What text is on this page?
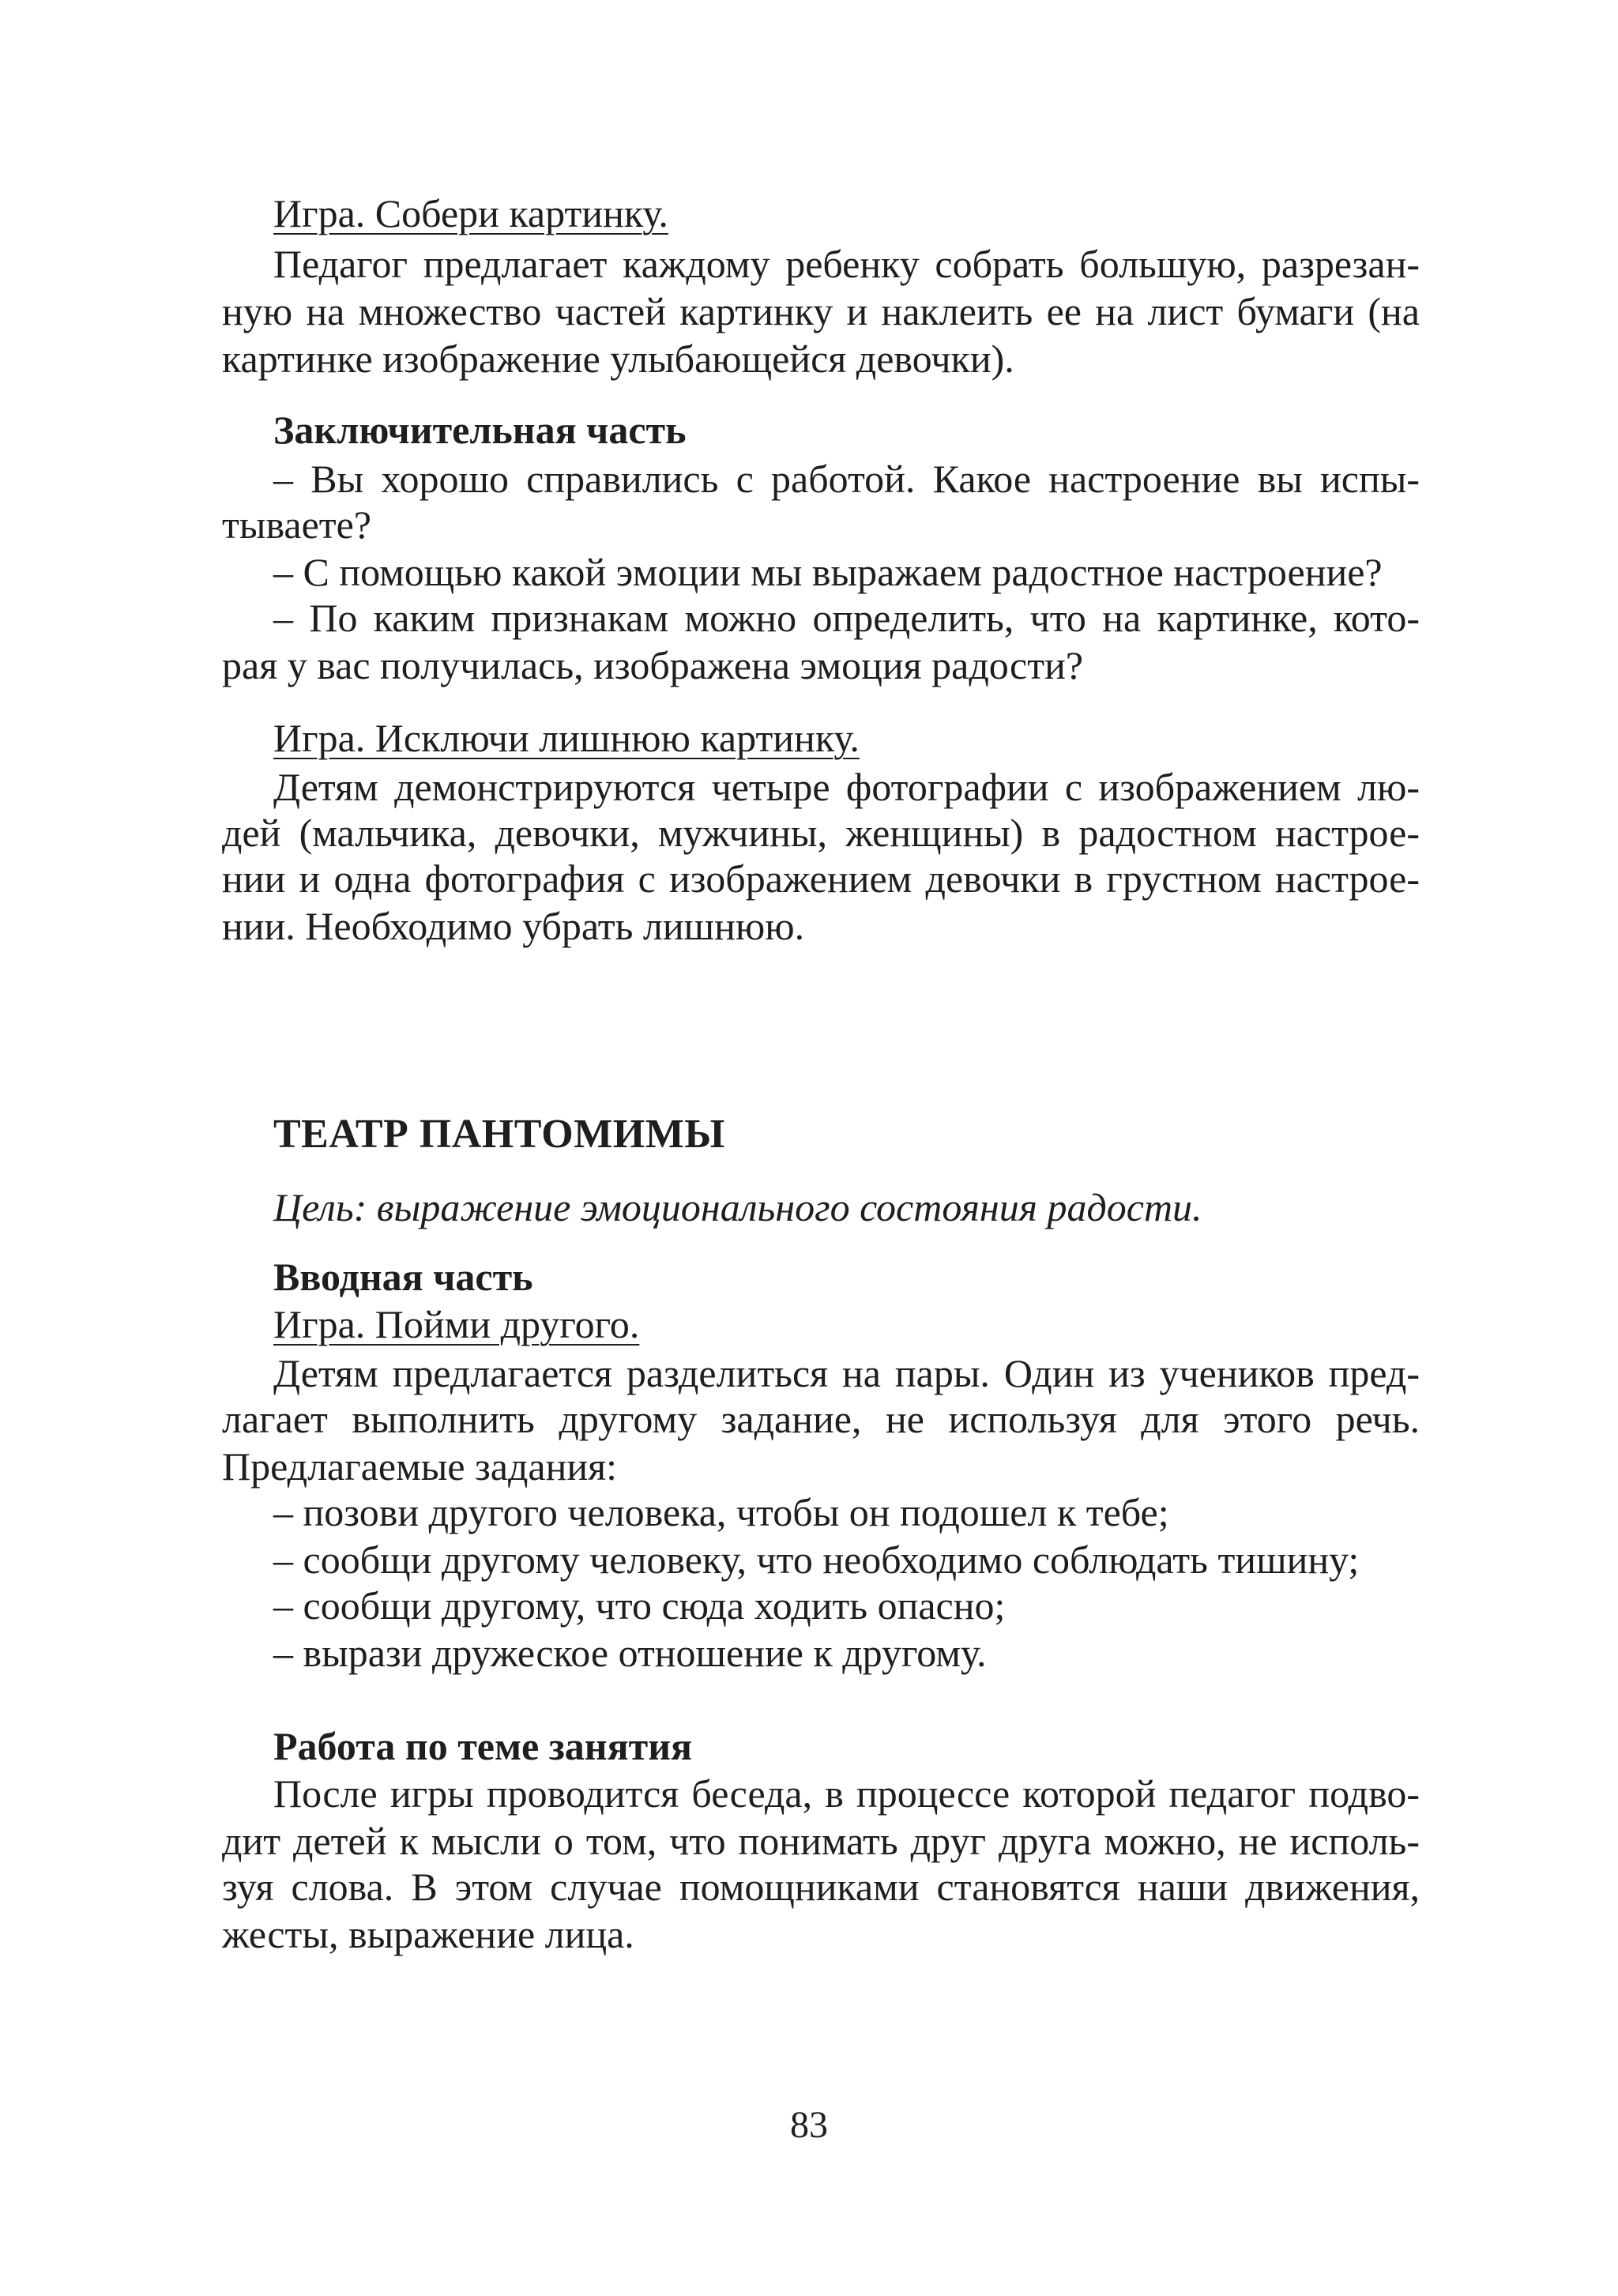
Игра. Собери картинку.
Педагог предлагает каждому ребенку собрать большую, разрезан-
ную на множество частей картинку и наклеить ее на лист бумаги (на
картинке изображение улыбающейся девочки).
Заключительная часть
– Вы хорошо справились с работой. Какое настроение вы испы-
тываете?
– С помощью какой эмоции мы выражаем радостное настроение?
– По каким признакам можно определить, что на картинке, кото-
рая у вас получилась, изображена эмоция радости?
Игра. Исключи лишнюю картинку.
Детям демонстрируются четыре фотографии с изображением лю-
дей (мальчика, девочки, мужчины, женщины) в радостном настрое-
нии и одна фотография с изображением девочки в грустном настрое-
нии. Необходимо убрать лишнюю.
ТЕАТР ПАНТОМИМЫ
Цель: выражение эмоционального состояния радости.
Вводная часть
Игра. Пойми другого.
Детям предлагается разделиться на пары. Один из учеников пред-
лагает выполнить другому задание, не используя для этого речь.
Предлагаемые задания:
– позови другого человека, чтобы он подошел к тебе;
– сообщи другому человеку, что необходимо соблюдать тишину;
– сообщи другому, что сюда ходить опасно;
– вырази дружеское отношение к другому.
Работа по теме занятия
После игры проводится беседа, в процессе которой педагог подво-
дит детей к мысли о том, что понимать друг друга можно, не исполь-
зуя слова. В этом случае помощниками становятся наши движения,
жесты, выражение лица.
83
